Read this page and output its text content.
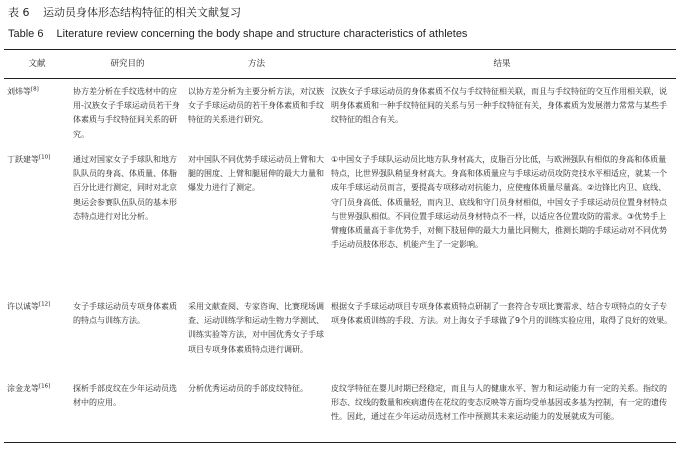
表 6 运动员身体形态结构特征的相关文献复习
Table 6 Literature review concerning the body shape and structure characteristics of athletes

文献	研究目的	方法	结果
刘炜等[8]	协方差分析在手纹选材中的应用-汉族女子手球运动员若干身体素质与手纹特征间关系的研究。	以协方差分析为主要分析方法，对汉族女子手球运动员的若干身体素质和手纹特征的关系进行研究。	汉族女子手球运动员的身体素质不仅与手纹特征相关联，而且与手纹特征的交互作用相关联，说明身体素质和一种手纹特征间的关系与另一种手纹特征有关，身体素质为发展潜力常常与某些手纹特征的组合有关。
丁跃建等[10]	通过对国家女子手球队和地方队队员的身高、体质量、体脂百分比进行测定，同时对北京奥运会参赛队伍队员的基本形态特点进行对比分析。	对中国队不同优势手球运动员上臂和大腿的围度、上臂和腿屈伸的最大力量和爆发力进行了测定。	①中国女子手球队运动员比地方队身材高大，皮脂百分比低，与欧洲强队有相似的身高和体质量特点，比世界强队稍显身材高大。身高和体质量应与手球运动员攻防竞技水平相适应，就某一个成年手球运动员而言，要提高专项移动对抗能力，应使瘦体质量尽量高。②边锋比内卫、底线、守门员身高低、体质量轻，而内卫、底线和守门员身材相似，中国女子手球运动员位置身材特点与世界强队相似。不同位置手球运动员身材特点不一样，以适应各位置攻防的需求。③优势手上臂瘦体质量高于非优势手，对侧下肢屈伸的最大力量比同侧大，推测长期的手球运动对不同优势手运动员肢体形态、机能产生了一定影响。
许以诚等[12]	女子手球运动员专项身体素质的特点与训练方法。	采用文献查阅、专家咨询、比赛现场调查、运动训练学和运动生物力学测试、训练实验等方法，对中国优秀女子手球项目专项身体素质特点进行调研。	根据女子手球运动项目专项身体素质特点研制了一套符合专项比赛需求、结合专项特点的女子专项身体素质训练的手段、方法。对上海女子手球做了9个月的训练实验应用，取得了良好的效果。
涂金龙等[16]	探析手部皮纹在少年运动员选材中的应用。	分析优秀运动员的手部皮纹特征。	皮纹学特征在婴儿时期已经稳定，而且与人的健康水平、智力和运动能力有一定的关系。指纹的形态、纹线的数量和疾病遗传在花纹的变态反映等方面均受单基因或多基为控制，有一定的遗传性。因此，通过在少年运动员选材工作中预测其未来运动能力的发展就成为可能。
